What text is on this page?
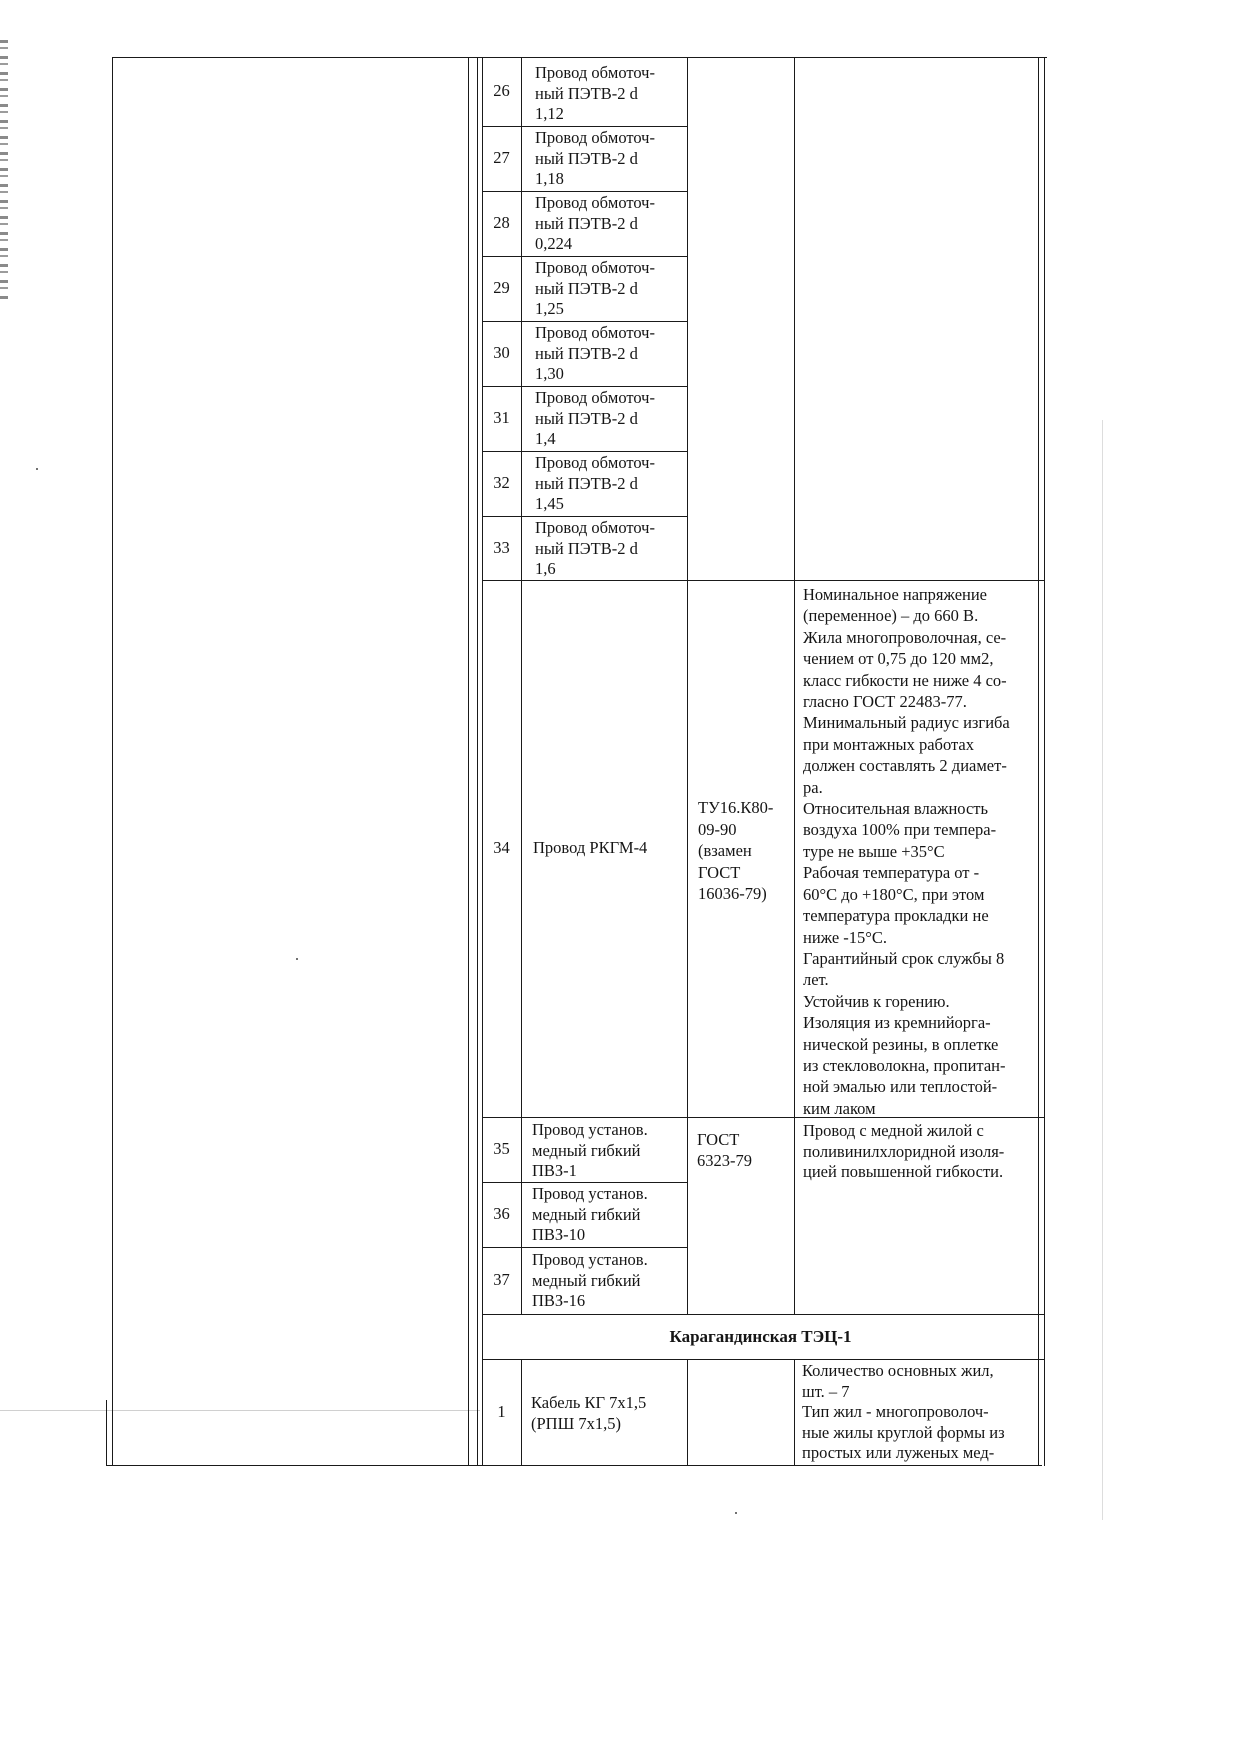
26
Провод обмоточ-
ный ПЭТВ-2 d
1,12
27
Провод обмоточ-
ный ПЭТВ-2 d
1,18
28
Провод обмоточ-
ный ПЭТВ-2 d
0,224
29
Провод обмоточ-
ный ПЭТВ-2 d
1,25
30
Провод обмоточ-
ный ПЭТВ-2 d
1,30
31
Провод обмоточ-
ный ПЭТВ-2 d
1,4
32
Провод обмоточ-
ный ПЭТВ-2 d
1,45
33
Провод обмоточ-
ный ПЭТВ-2 d
1,6
34	Провод РКГМ-4
ТУ16.К80-
09-90
(взамен
ГОСТ
16036-79)
Номинальное напряжение
(переменное) – до 660 В.
Жила многопроволочная, се-
чением от 0,75 до 120 мм2,
класс гибкости не ниже 4 со-
гласно ГОСТ 22483-77.
Минимальный радиус изгиба
при монтажных работах
должен составлять 2 диамет-
ра.
Относительная влажность
воздуха 100% при темпера-
туре не выше +35°С
Рабочая температура от -
60°С до +180°С, при этом
температура прокладки не
ниже -15°С.
Гарантийный срок службы 8
лет.
Устойчив к горению.
Изоляция из кремнийорга-
нической резины, в оплетке
из стекловолокна, пропитан-
ной эмалью или теплостой-
ким лаком
35
Провод установ.
медный гибкий
ПВЗ-1
36
Провод установ.
медный гибкий
ПВЗ-10
37
Провод установ.
медный гибкий
ПВЗ-16
ГОСТ
6323-79
Провод с медной жилой с
поливинилхлоридной изоля-
цией повышенной гибкости.
Карагандинская ТЭЦ-1
1	Кабель КГ 7х1,5
(РПШ 7х1,5)
Количество основных жил,
шт. – 7
Тип жил - многопроволоч-
ные жилы круглой формы из
простых или луженых мед-
